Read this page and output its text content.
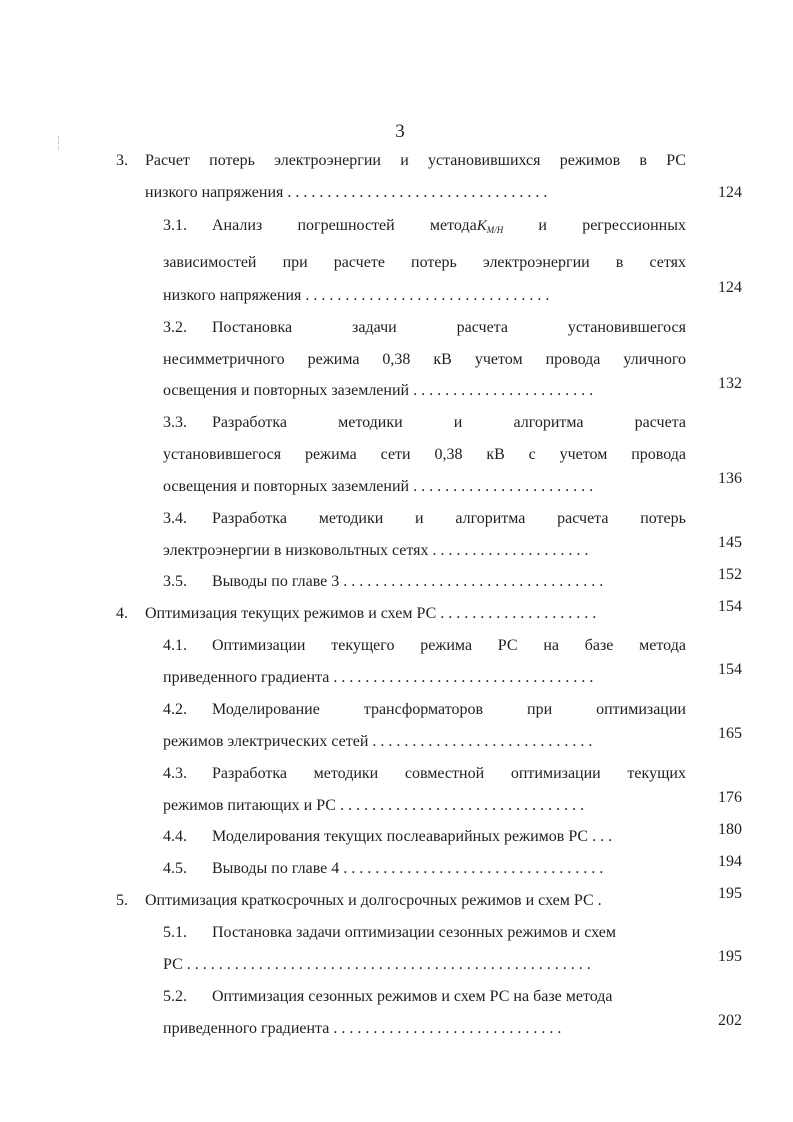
3
3. Расчет потерь электроэнергии и установившихся режимов в РС
низкого напряжения . . . . . . . . . . . . . . . . . . . . . . . . . . . . . . . . .	124
3.1. Анализ погрешностей методаK$_{M/H}$ и регрессионных
зависимостей при расчете потерь электроэнергии в сетях
низкого напряжения . . . . . . . . . . . . . . . . . . . . . . . . . . . . . . .	124
3.2. Постановка	задачи	расчета	установившегося
несимметричного режима 0,38 кВ учетом провода уличного
освещения и повторных заземлений . . . . . . . . . . . . . . . . . . . . . . .	132
3.3. Разработка	методики	и	алгоритма	расчета
установившегося режима сети 0,38 кВ с учетом провода
освещения и повторных заземлений . . . . . . . . . . . . . . . . . . . . . . .	136
3.4. Разработка методики и алгоритма расчета потерь
электроэнергии в низковольтных сетях . . . . . . . . . . . . . . . . . . . .	145
3.5. Выводы по главе 3 . . . . . . . . . . . . . . . . . . . . . . . . . . . . . . . . .	152
4. Оптимизация текущих режимов и схем РС . . . . . . . . . . . . . . . . . . . .	154
4.1. Оптимизации текущего режима РС на базе метода
приведенного градиента . . . . . . . . . . . . . . . . . . . . . . . . . . . . . . . . .	154
4.2. Моделирование	трансформаторов	при	оптимизации
режимов электрических сетей . . . . . . . . . . . . . . . . . . . . . . . . . . . .	165
4.3. Разработка методики совместной оптимизации текущих
режимов питающих и РС . . . . . . . . . . . . . . . . . . . . . . . . . . . . . . .	176
4.4. Моделирования текущих послеаварийных режимов РС . . .	180
4.5. Выводы по главе 4 . . . . . . . . . . . . . . . . . . . . . . . . . . . . . . . . .	194
5. Оптимизация краткосрочных и долгосрочных режимов и схем РС .	195
5.1. Постановка задачи оптимизации сезонных режимов и схем
РС . . . . . . . . . . . . . . . . . . . . . . . . . . . . . . . . . . . . . . . . . . . . . . . . . . .	195
5.2. Оптимизация сезонных режимов и схем РС на базе метода
приведенного градиента . . . . . . . . . . . . . . . . . . . . . . . . . . . . .	202
